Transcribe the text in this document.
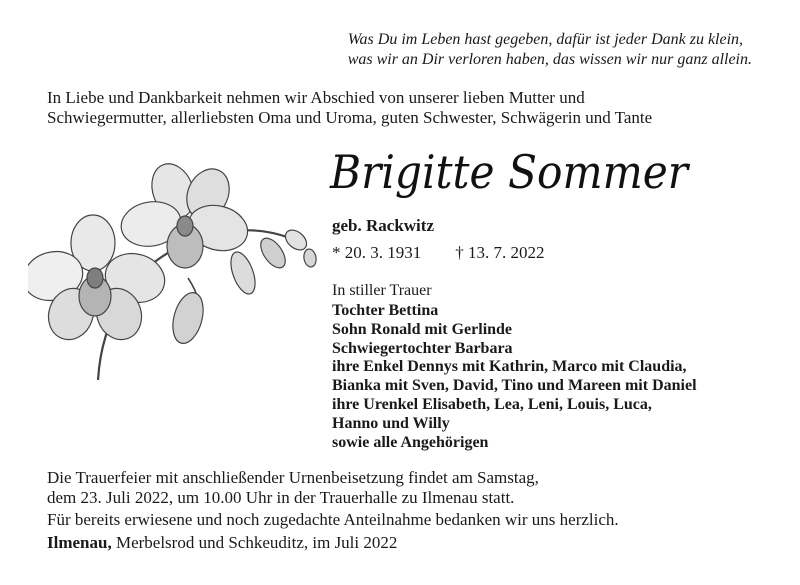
Was Du im Leben hast gegeben, dafür ist jeder Dank zu klein,
was wir an Dir verloren haben, das wissen wir nur ganz allein.
In Liebe und Dankbarkeit nehmen wir Abschied von unserer lieben Mutter und
Schwiegermutter, allerliebsten Oma und Uroma, guten Schwester, Schwägerin und Tante
Brigitte Sommer
geb. Rackwitz
* 20. 3. 1931 † 13. 7. 2022
In stiller Trauer
Tochter Bettina
Sohn Ronald mit Gerlinde
Schwiegertochter Barbara
ihre Enkel Dennys mit Kathrin, Marco mit Claudia,
Bianka mit Sven, David, Tino und Mareen mit Daniel
ihre Urenkel Elisabeth, Lea, Leni, Louis, Luca,
Hanno und Willy
sowie alle Angehörigen
Die Trauerfeier mit anschließender Urnenbeisetzung findet am Samstag,
dem 23. Juli 2022, um 10.00 Uhr in der Trauerhalle zu Ilmenau statt.
Für bereits erwiesene und noch zugedachte Anteilnahme bedanken wir uns herzlich.
Ilmenau, Merbelsrod und Schkeuditz, im Juli 2022
